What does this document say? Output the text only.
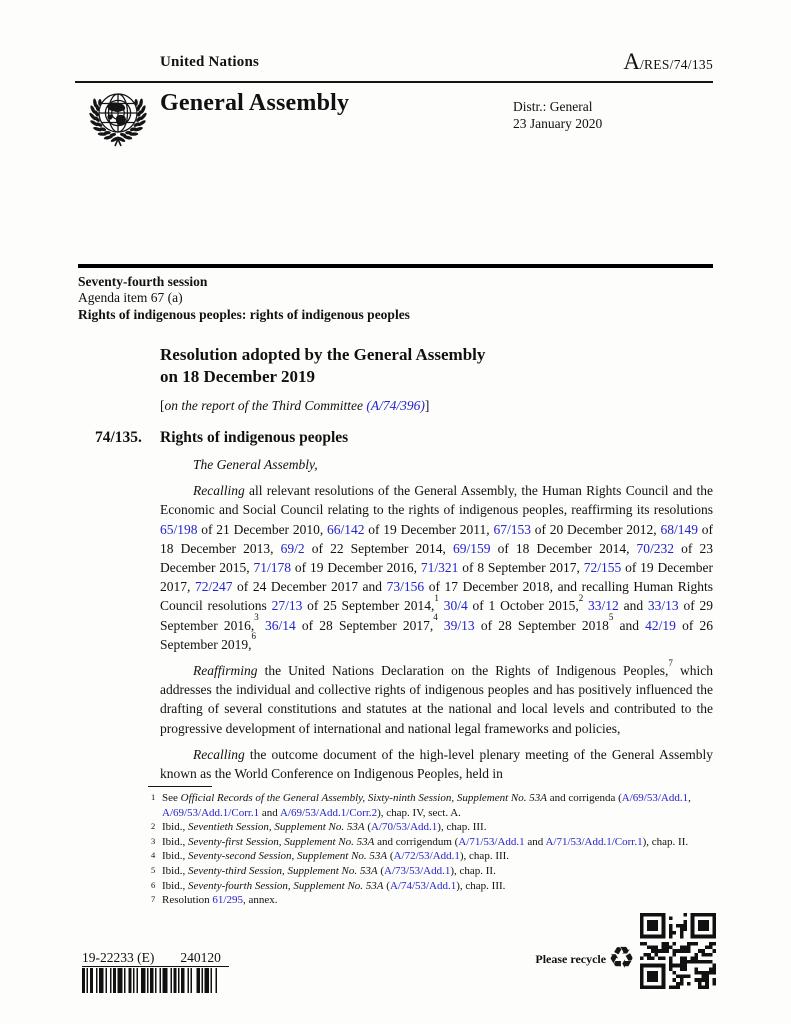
United Nations	A/RES/74/135
General Assembly	Distr.: General
23 January 2020
Seventy-fourth session
Agenda item 67 (a)
Rights of indigenous peoples: rights of indigenous peoples
Resolution adopted by the General Assembly
on 18 December 2019
[on the report of the Third Committee (A/74/396)]
74/135. Rights of indigenous peoples

The General Assembly,

Recalling all relevant resolutions of the General Assembly, the Human Rights Council and the Economic and Social Council relating to the rights of indigenous peoples, reaffirming its resolutions 65/198 of 21 December 2010, 66/142 of 19 December 2011, 67/153 of 20 December 2012, 68/149 of 18 December 2013, 69/2 of 22 September 2014, 69/159 of 18 December 2014, 70/232 of 23 December 2015, 71/178 of 19 December 2016, 71/321 of 8 September 2017, 72/155 of 19 December 2017, 72/247 of 24 December 2017 and 73/156 of 17 December 2018, and recalling Human Rights Council resolutions 27/13 of 25 September 2014,$^1$ 30/4 of 1 October 2015,$^2$ 33/12 and 33/13 of 29 September 2016,$^3$ 36/14 of 28 September 2017,$^4$ 39/13 of 28 September 2018$^5$ and 42/19 of 26 September 2019,$^6$

Reaffirming the United Nations Declaration on the Rights of Indigenous Peoples,$^7$ which addresses the individual and collective rights of indigenous peoples and has positively influenced the drafting of several constitutions and statutes at the national and local levels and contributed to the progressive development of international and national legal frameworks and policies,

Recalling the outcome document of the high-level plenary meeting of the General Assembly known as the World Conference on Indigenous Peoples, held in

1 See Official Records of the General Assembly, Sixty-ninth Session, Supplement No. 53A and corrigenda (A/69/53/Add.1, A/69/53/Add.1/Corr.1 and A/69/53/Add.1/Corr.2), chap. IV, sect. A.
2 Ibid., Seventieth Session, Supplement No. 53A (A/70/53/Add.1), chap. III.
3 Ibid., Seventy-first Session, Supplement No. 53A and corrigendum (A/71/53/Add.1 and A/71/53/Add.1/Corr.1), chap. II.
4 Ibid., Seventy-second Session, Supplement No. 53A (A/72/53/Add.1), chap. III.
5 Ibid., Seventy-third Session, Supplement No. 53A (A/73/53/Add.1), chap. II.
6 Ibid., Seventy-fourth Session, Supplement No. 53A (A/74/53/Add.1), chap. III.
7 Resolution 61/295, annex.
19-22233 (E) 240120	Please recycle ♻
